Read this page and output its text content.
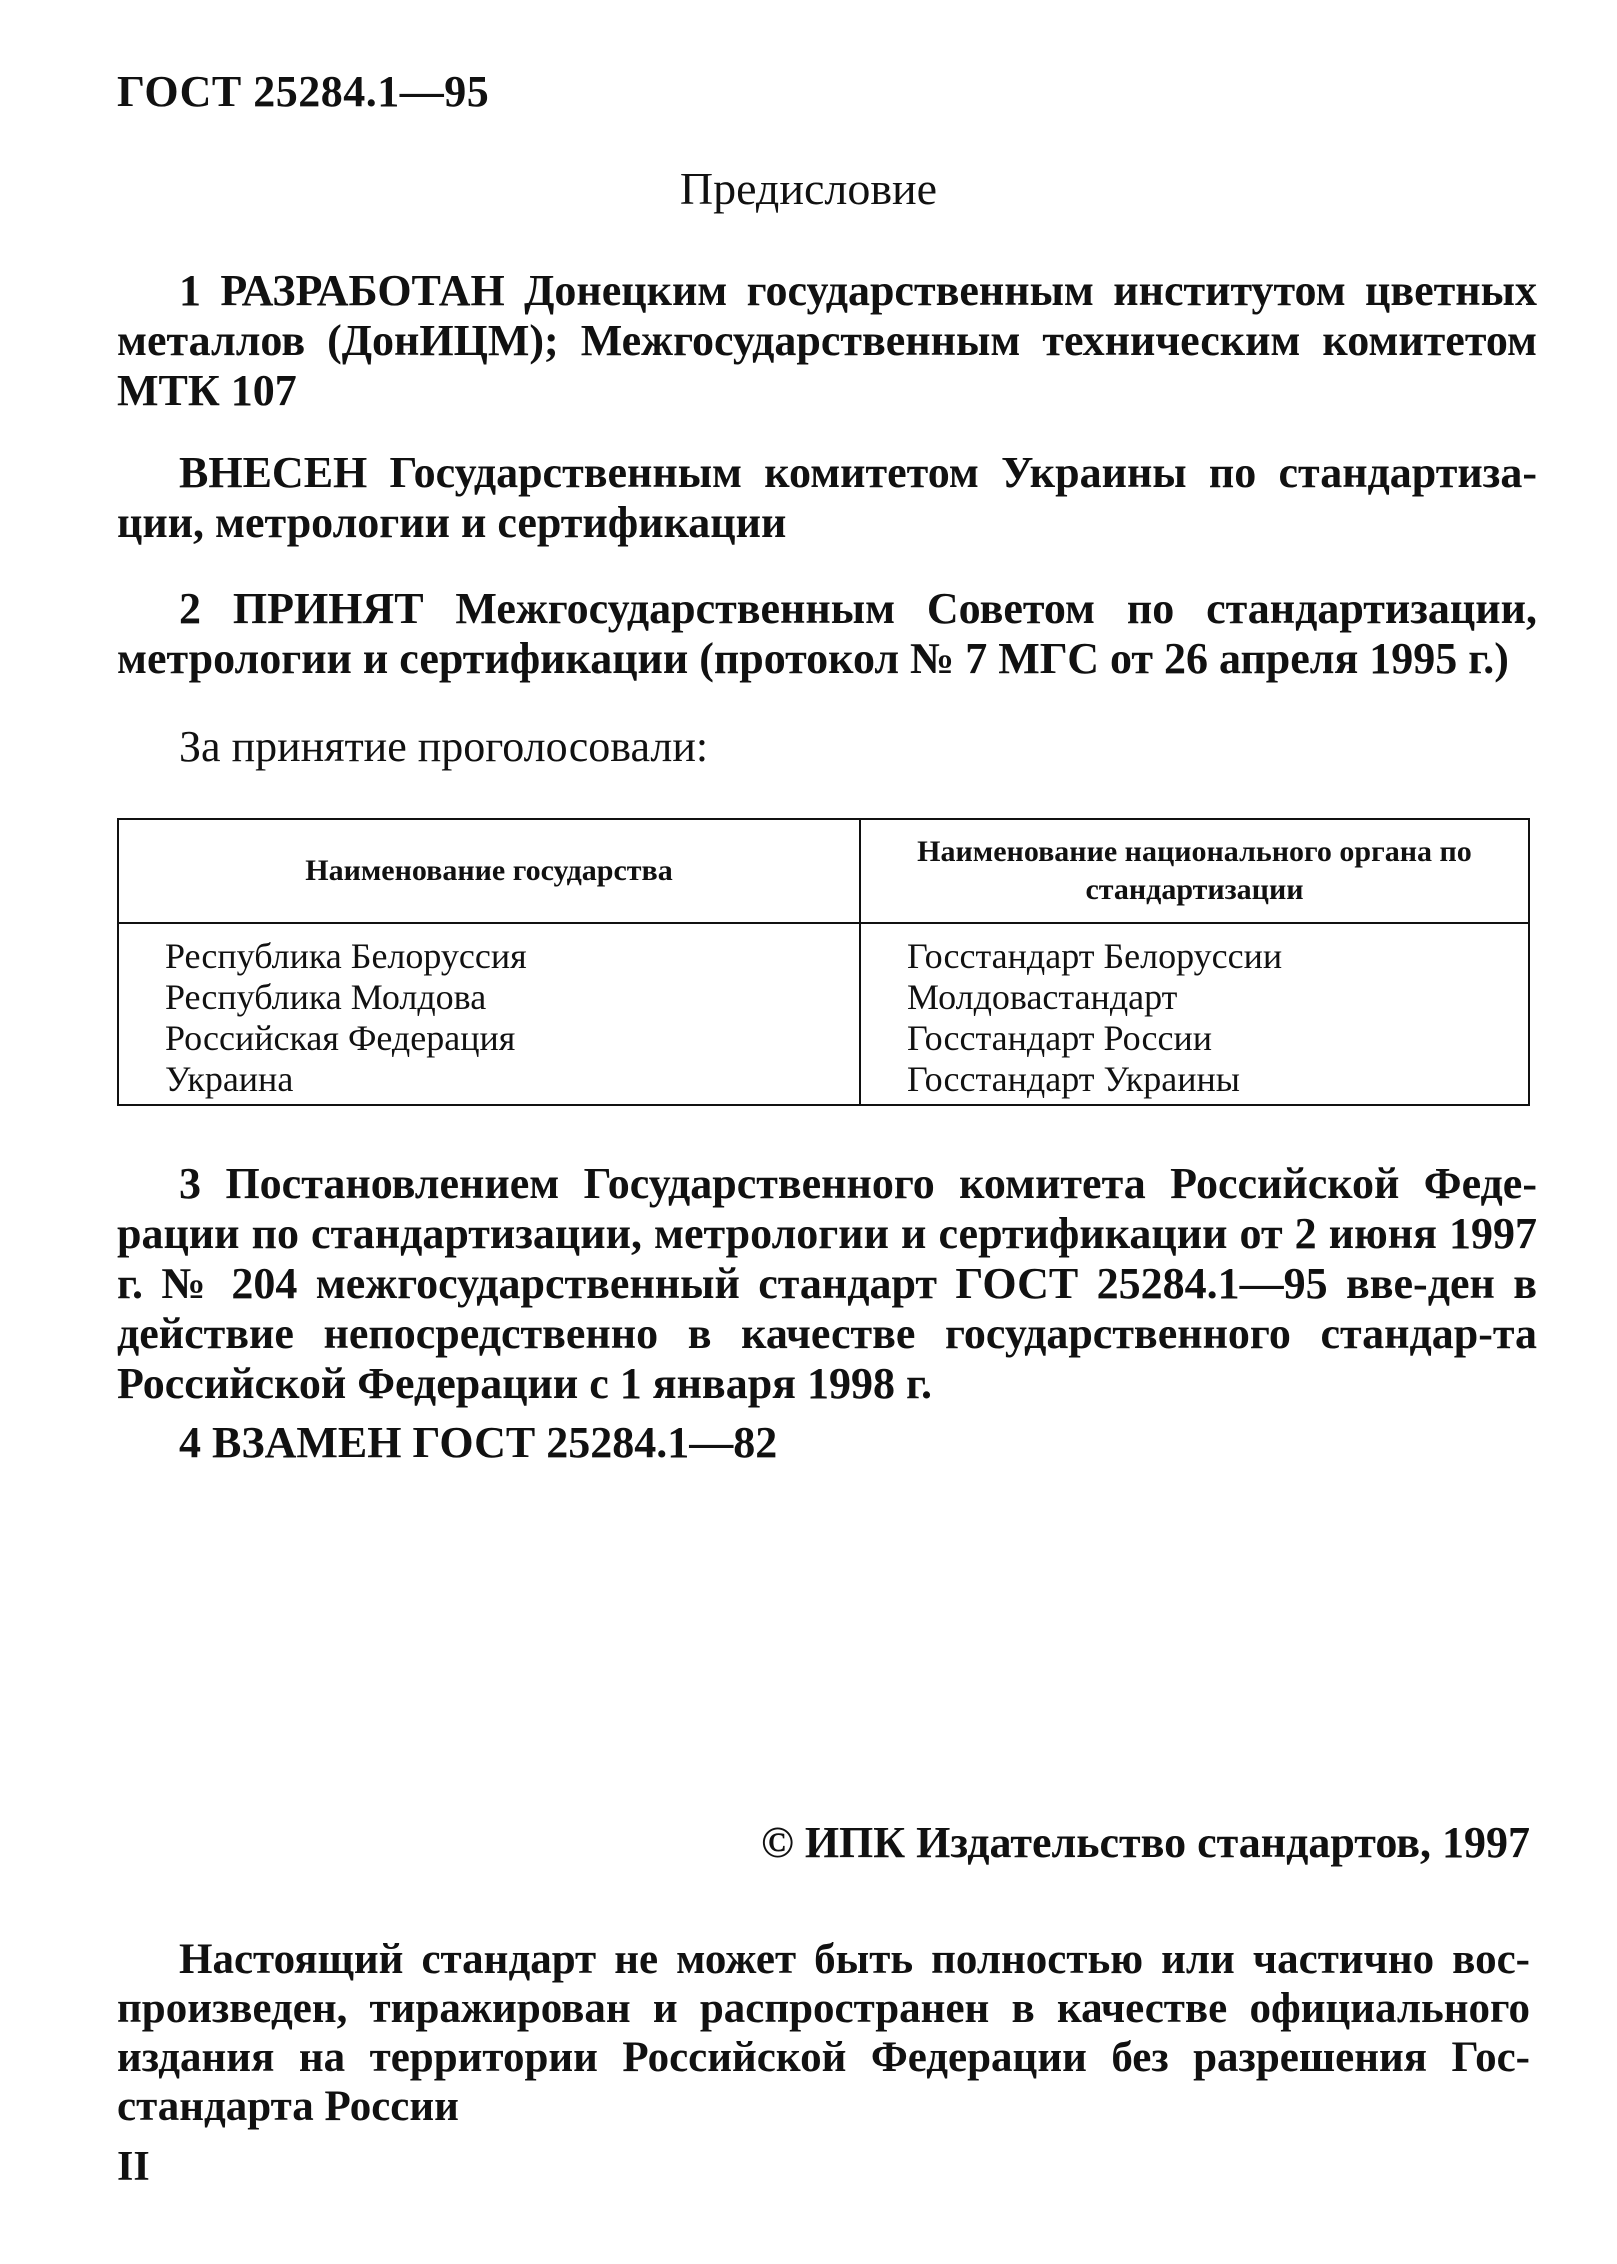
ГОСТ 25284.1—95
Предисловие
1 РАЗРАБОТАН Донецким государственным институтом цветных металлов (ДонИЦМ); Межгосударственным техническим комитетом МТК 107
ВНЕСЕН Государственным комитетом Украины по стандартиза-ции, метрологии и сертификации
2 ПРИНЯТ Межгосударственным Советом по стандартизации, метрологии и сертификации (протокол № 7 МГС от 26 апреля 1995 г.)
За принятие проголосовали:
Наименование государства	Наименование национального органа по стандартизации
Республика Белоруссия	Госстандарт Белоруссии
Республика Молдова	Молдовастандарт
Российская Федерация	Госстандарт России
Украина	Госстандарт Украины
3 Постановлением Государственного комитета Российской Феде-рации по стандартизации, метрологии и сертификации от 2 июня 1997 г. № 204 межгосударственный стандарт ГОСТ 25284.1—95 вве-ден в действие непосредственно в качестве государственного стандар-та Российской Федерации с 1 января 1998 г.
4 ВЗАМЕН ГОСТ 25284.1—82
© ИПК Издательство стандартов, 1997
Настоящий стандарт не может быть полностью или частично вос-произведен, тиражирован и распространен в качестве официального издания на территории Российской Федерации без разрешения Гос-стандарта России
II
